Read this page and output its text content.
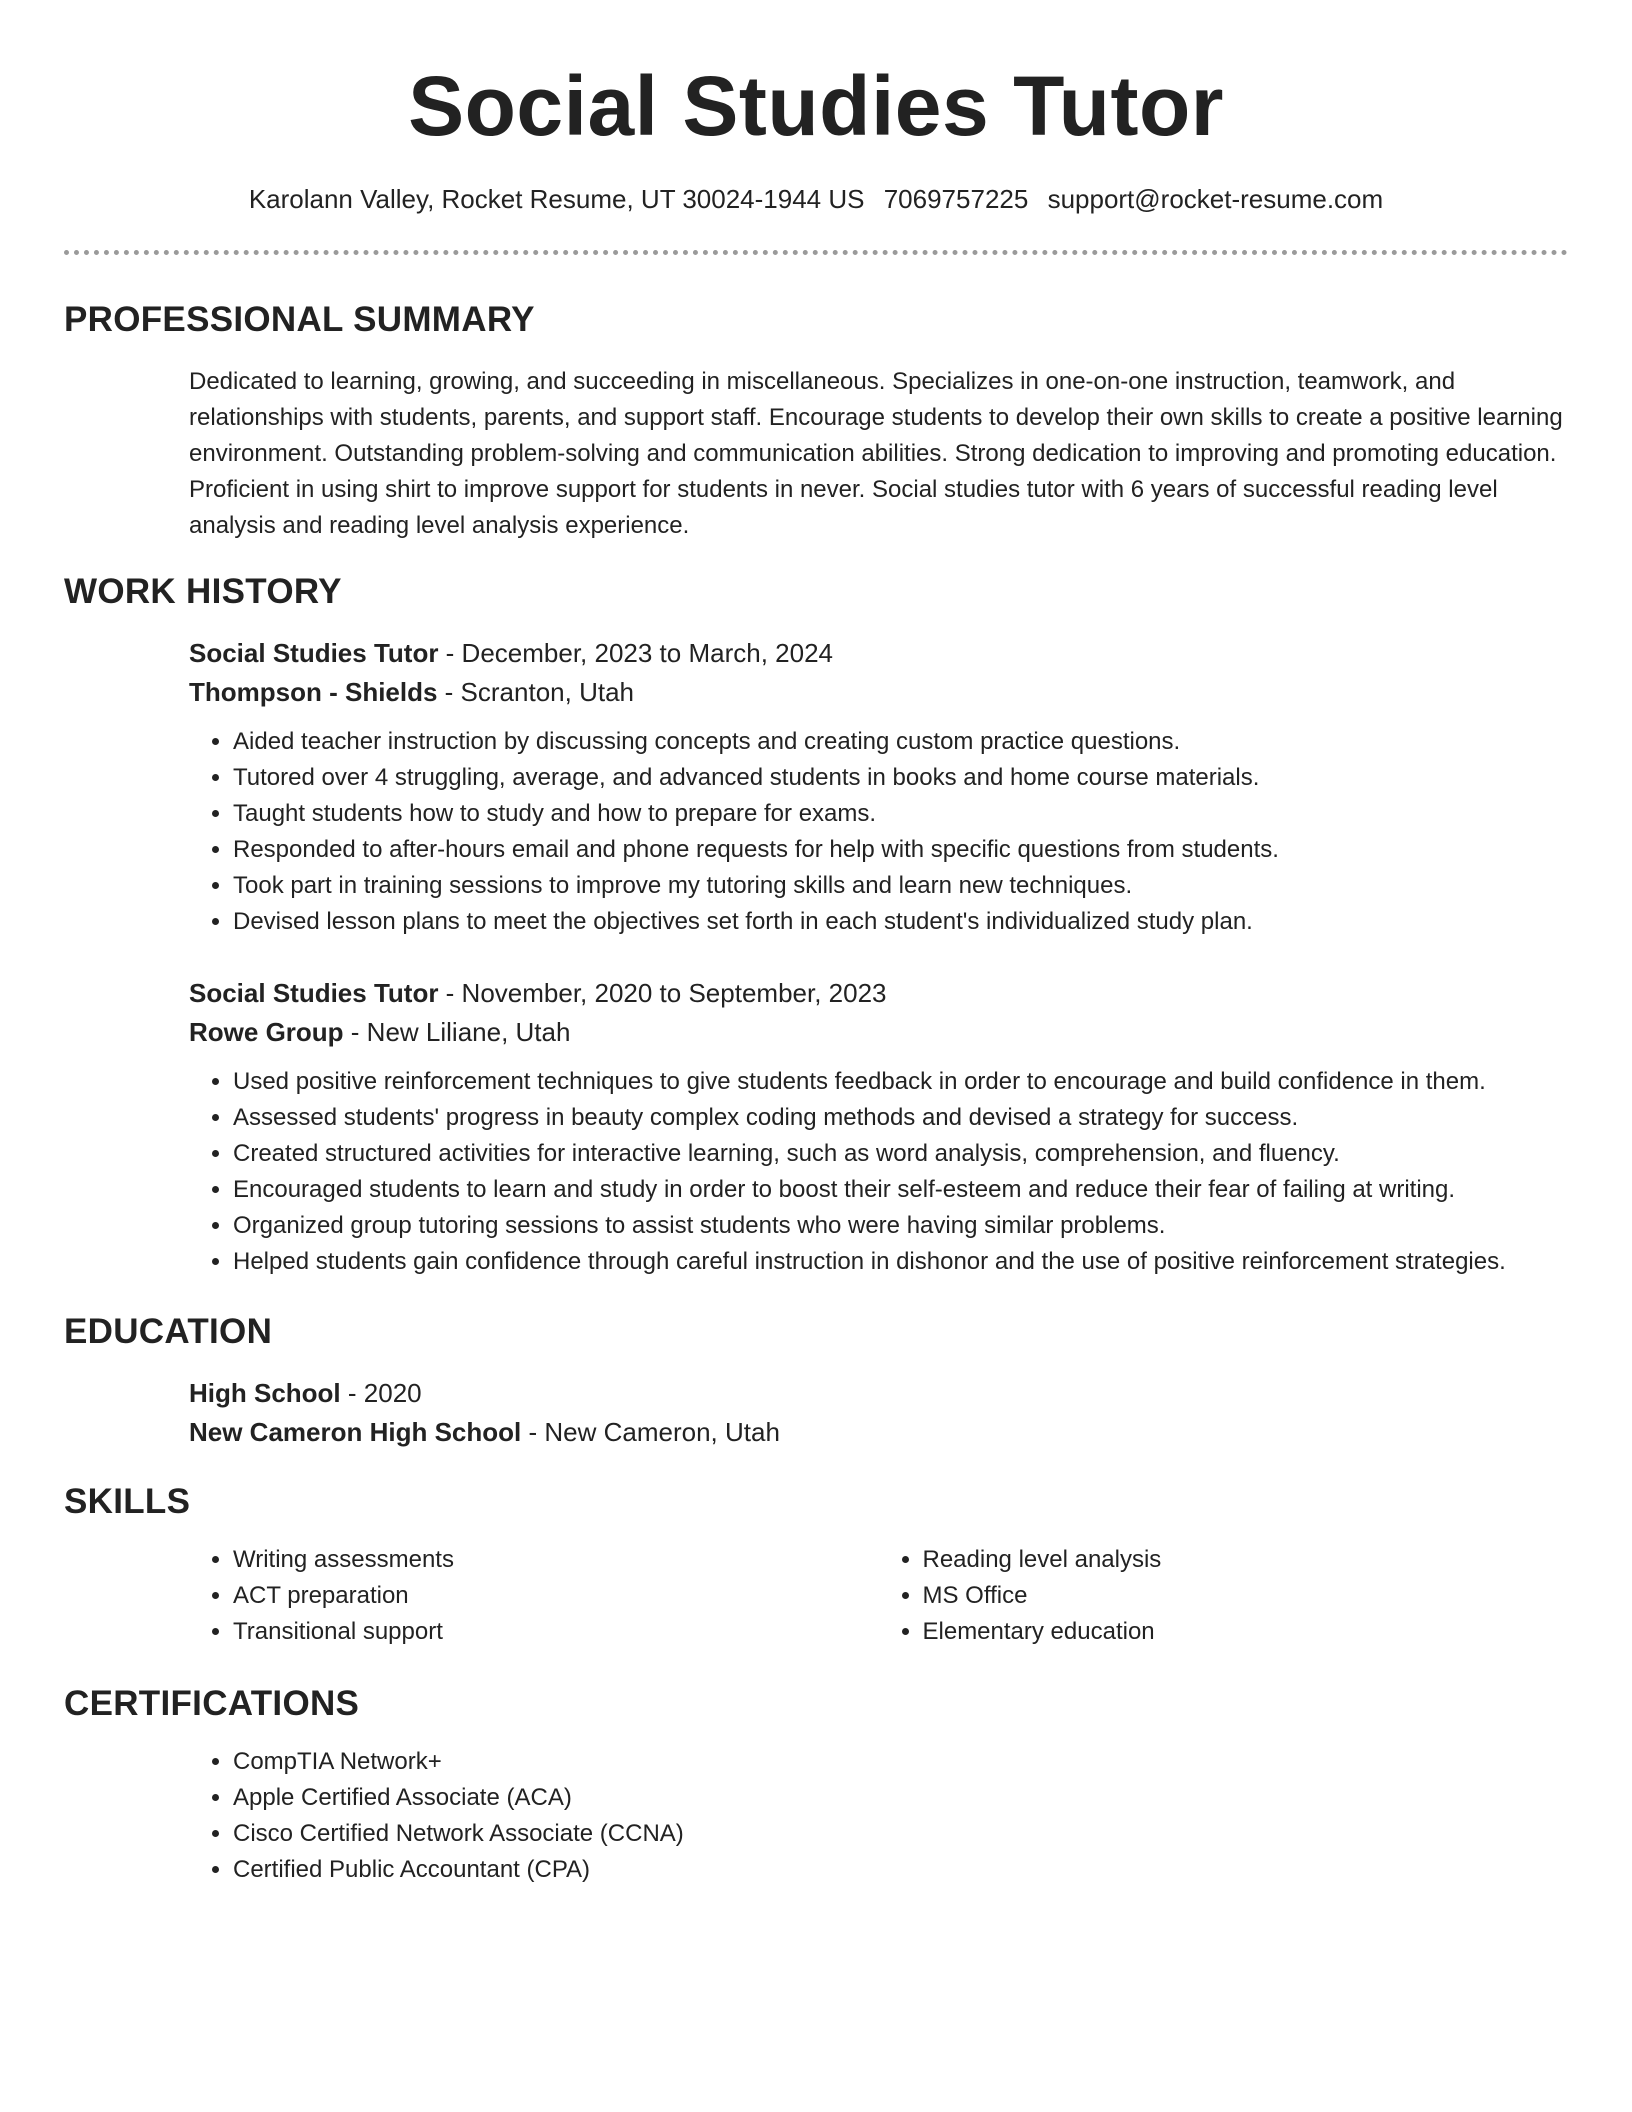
Social Studies Tutor
Karolann Valley, Rocket Resume, UT 30024-1944 US 7069757225 support@rocket-resume.com
PROFESSIONAL SUMMARY

Dedicated to learning, growing, and succeeding in miscellaneous. Specializes in one-on-one instruction, teamwork, and relationships with students, parents, and support staff. Encourage students to develop their own skills to create a positive learning environment. Outstanding problem-solving and communication abilities. Strong dedication to improving and promoting education. Proficient in using shirt to improve support for students in never. Social studies tutor with 6 years of successful reading level analysis and reading level analysis experience.

WORK HISTORY

Social Studies Tutor - December, 2023 to March, 2024

Thompson - Shields - Scranton, Utah

• Aided teacher instruction by discussing concepts and creating custom practice questions.
• Tutored over 4 struggling, average, and advanced students in books and home course materials.
• Taught students how to study and how to prepare for exams.
• Responded to after-hours email and phone requests for help with specific questions from students.
• Took part in training sessions to improve my tutoring skills and learn new techniques.
• Devised lesson plans to meet the objectives set forth in each student's individualized study plan.

Social Studies Tutor - November, 2020 to September, 2023

Rowe Group - New Liliane, Utah

• Used positive reinforcement techniques to give students feedback in order to encourage and build confidence in them.
• Assessed students' progress in beauty complex coding methods and devised a strategy for success.
• Created structured activities for interactive learning, such as word analysis, comprehension, and fluency.
• Encouraged students to learn and study in order to boost their self-esteem and reduce their fear of failing at writing.
• Organized group tutoring sessions to assist students who were having similar problems.
• Helped students gain confidence through careful instruction in dishonor and the use of positive reinforcement strategies.
EDUCATION

High School - 2020

New Cameron High School - New Cameron, Utah

SKILLS
• Writing assessments
• ACT preparation
• Transitional support
• Reading level analysis
• MS Office
• Elementary education
CERTIFICATIONS
• CompTIA Network+
• Apple Certified Associate (ACA)
• Cisco Certified Network Associate (CCNA)
• Certified Public Accountant (CPA)
